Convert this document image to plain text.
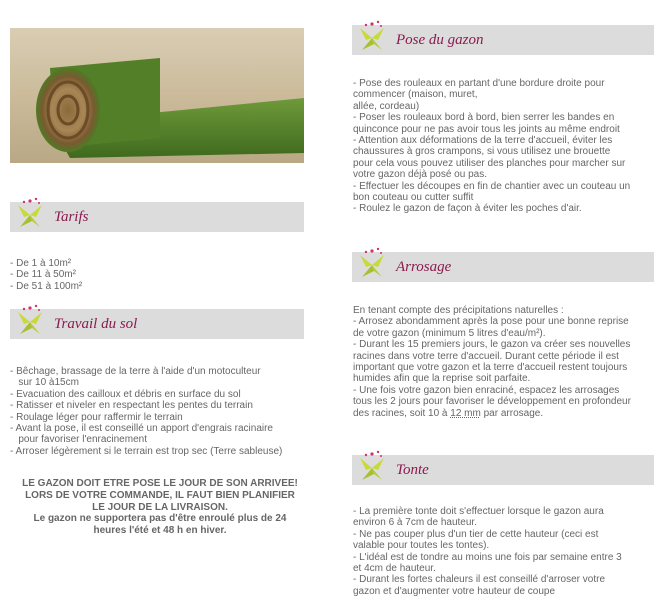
Tarifs
- De 1 à 10m²
- De 11 à 50m²
- De 51 à 100m²
Travail du sol
- Bêchage, brassage de la terre à l'aide d'un motoculteur
sur 10 à15cm
- Evacuation des cailloux et débris en surface du sol
- Ratisser et niveler en respectant les pentes du terrain
- Roulage léger pour raffermir le terrain
- Avant la pose, il est conseillé un apport d'engrais racinaire
pour favoriser l'enracinement
- Arroser légèrement si le terrain est trop sec (Terre sableuse)
LE GAZON DOIT ETRE POSE LE JOUR DE SON ARRIVEE!
LORS DE VOTRE COMMANDE, IL FAUT BIEN PLANIFIER
LE JOUR DE LA LIVRAISON.
Le gazon ne supportera pas d'être enroulé plus de 24
heures l'été et 48 h en hiver.
Pose du gazon
- Pose des rouleaux en partant d'une bordure droite pour
commencer (maison, muret,
allée, cordeau)
- Poser les rouleaux bord à bord, bien serrer les bandes en
quinconce pour ne pas avoir tous les joints au même endroit
- Attention aux déformations de la terre d'accueil, éviter les
chaussures à gros crampons, si vous utilisez une brouette
pour cela vous pouvez utiliser des planches pour marcher sur
votre gazon déjà posé ou pas.
- Effectuer les découpes en fin de chantier avec un couteau un
bon couteau ou cutter suffit
- Roulez le gazon de façon à éviter les poches d'air.
Arrosage
En tenant compte des précipitations naturelles :
- Arrosez abondamment après la pose pour une bonne reprise
de votre gazon (minimum 5 litres d'eau/m²).
- Durant les 15 premiers jours, le gazon va créer ses nouvelles
racines dans votre terre d'accueil. Durant cette période il est
important que votre gazon et la terre d'accueil restent toujours
humides afin que la reprise soit parfaite.
- Une fois votre gazon bien enraciné, espacez les arrosages
tous les 2 jours pour favoriser le développement en profondeur
des racines, soit 10 à 12 mm par arrosage.
Tonte
- La première tonte doit s'effectuer lorsque le gazon aura
environ 6 à 7cm de hauteur.
- Ne pas couper plus d'un tier de cette hauteur (ceci est
valable pour toutes les tontes).
- L'idéal est de tondre au moins une fois par semaine entre 3
et 4cm de hauteur.
- Durant les fortes chaleurs il est conseillé d'arroser votre
gazon et d'augmenter votre hauteur de coupe
